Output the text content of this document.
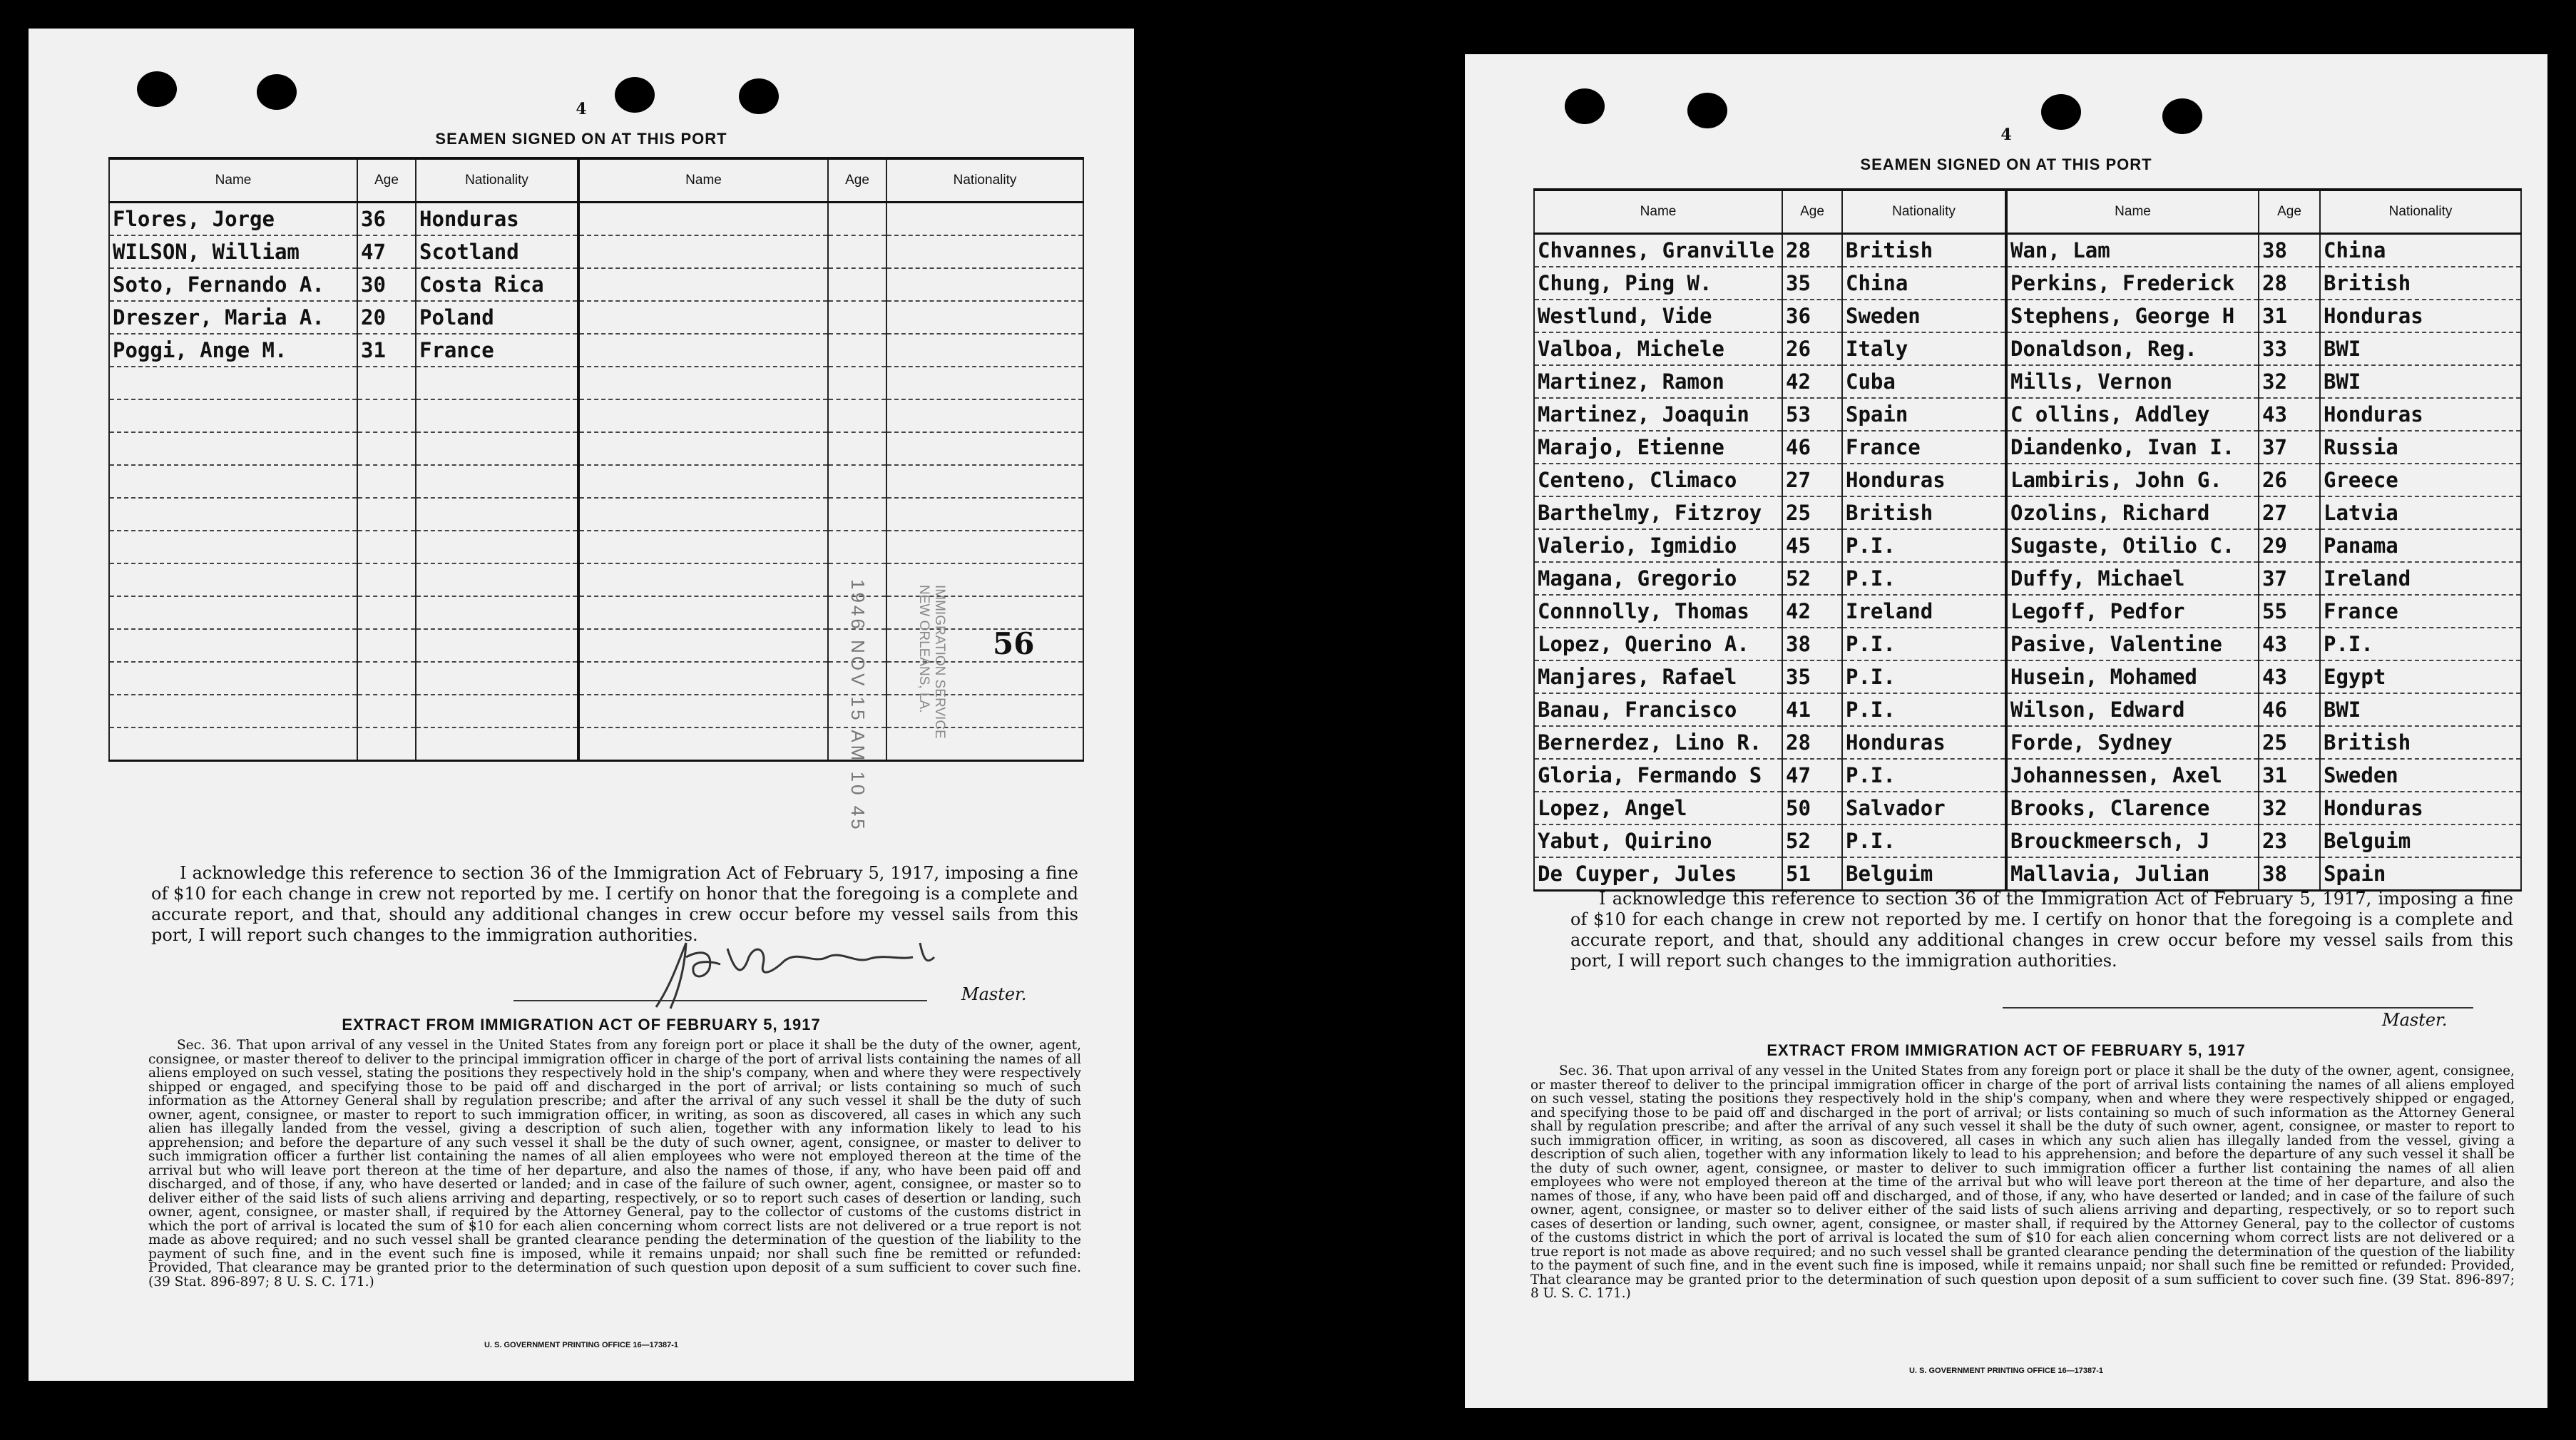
4
SEAMEN SIGNED ON AT THIS PORT
Name	Age	Nationality	Name	Age	Nationality
Flores, Jorge	36	Honduras			
WILSON, William	47	Scotland			
Soto, Fernando A.	30	Costa Rica			
Dreszer, Maria A.	20	Poland			
Poggi, Ange M.	31	France			

1946 NOV 15 AM 10 45	IMMIGRATION SERVICE
NEW ORLEANS, LA.
56
I acknowledge this reference to section 36 of the Immigration Act of February 5, 1917, imposing a fine of $10 for each change in crew not reported by me. I certify on honor that the foregoing is a complete and accurate report, and that, should any additional changes in crew occur before my vessel sails from this port, I will report such changes to the immigration authorities.
Master.
EXTRACT FROM IMMIGRATION ACT OF FEBRUARY 5, 1917
Sec. 36. That upon arrival of any vessel in the United States from any foreign port or place it shall be the duty of the owner, agent, consignee, or master thereof to deliver to the principal immigration officer in charge of the port of arrival lists containing the names of all aliens employed on such vessel, stating the positions they respectively hold in the ship's company, when and where they were respectively shipped or engaged, and specifying those to be paid off and discharged in the port of arrival; or lists containing so much of such information as the Attorney General shall by regulation prescribe; and after the arrival of any such vessel it shall be the duty of such owner, agent, consignee, or master to report to such immigration officer, in writing, as soon as discovered, all cases in which any such alien has illegally landed from the vessel, giving a description of such alien, together with any information likely to lead to his apprehension; and before the departure of any such vessel it shall be the duty of such owner, agent, consignee, or master to deliver to such immigration officer a further list containing the names of all alien employees who were not employed thereon at the time of the arrival but who will leave port thereon at the time of her departure, and also the names of those, if any, who have been paid off and discharged, and of those, if any, who have deserted or landed; and in case of the failure of such owner, agent, consignee, or master so to deliver either of the said lists of such aliens arriving and departing, respectively, or so to report such cases of desertion or landing, such owner, agent, consignee, or master shall, if required by the Attorney General, pay to the collector of customs of the customs district in which the port of arrival is located the sum of $10 for each alien concerning whom correct lists are not delivered or a true report is not made as above required; and no such vessel shall be granted clearance pending the determination of the question of the liability to the payment of such fine, and in the event such fine is imposed, while it remains unpaid; nor shall such fine be remitted or refunded: Provided, That clearance may be granted prior to the determination of such question upon deposit of a sum sufficient to cover such fine. (39 Stat. 896-897; 8 U. S. C. 171.)
U. S. GOVERNMENT PRINTING OFFICE 16—17387-1
4
SEAMEN SIGNED ON AT THIS PORT
Name	Age	Nationality	Name	Age	Nationality
Chvannes, Granville	28	British	Wan, Lam	38	China
Chung, Ping W.	35	China	Perkins, Frederick	28	British
Westlund, Vide	36	Sweden	Stephens, George H	31	Honduras
Valboa, Michele	26	Italy	Donaldson, Reg.	33	BWI
Martinez, Ramon	42	Cuba	Mills, Vernon	32	BWI
Martinez, Joaquin	53	Spain	C ollins, Addley	43	Honduras
Marajo, Etienne	46	France	Diandenko, Ivan I.	37	Russia
Centeno, Climaco	27	Honduras	Lambiris, John G.	26	Greece
Barthelmy, Fitzroy	25	British	Ozolins, Richard	27	Latvia
Valerio, Igmidio	45	P.I.	Sugaste, Otilio C.	29	Panama
Magana, Gregorio	52	P.I.	Duffy, Michael	37	Ireland
Connnolly, Thomas	42	Ireland	Legoff, Pedfor	55	France
Lopez, Querino A.	38	P.I.	Pasive, Valentine	43	P.I.
Manjares, Rafael	35	P.I.	Husein, Mohamed	43	Egypt
Banau, Francisco	41	P.I.	Wilson, Edward	46	BWI
Bernerdez, Lino R.	28	Honduras	Forde, Sydney	25	British
Gloria, Fermando S	47	P.I.	Johannessen, Axel	31	Sweden
Lopez, Angel	50	Salvador	Brooks, Clarence	32	Honduras
Yabut, Quirino	52	P.I.	Brouckmeersch, J	23	Belguim
De Cuyper, Jules	51	Belguim	Mallavia, Julian	38	Spain
I acknowledge this reference to section 36 of the Immigration Act of February 5, 1917, imposing a fine of $10 for each change in crew not reported by me. I certify on honor that the foregoing is a complete and accurate report, and that, should any additional changes in crew occur before my vessel sails from this port, I will report such changes to the immigration authorities.
Master.
EXTRACT FROM IMMIGRATION ACT OF FEBRUARY 5, 1917
Sec. 36. That upon arrival of any vessel in the United States from any foreign port or place it shall be the duty of the owner, agent, consignee, or master thereof to deliver to the principal immigration officer in charge of the port of arrival lists containing the names of all aliens employed on such vessel, stating the positions they respectively hold in the ship's company, when and where they were respectively shipped or engaged, and specifying those to be paid off and discharged in the port of arrival; or lists containing so much of such information as the Attorney General shall by regulation prescribe; and after the arrival of any such vessel it shall be the duty of such owner, agent, consignee, or master to report to such immigration officer, in writing, as soon as discovered, all cases in which any such alien has illegally landed from the vessel, giving a description of such alien, together with any information likely to lead to his apprehension; and before the departure of any such vessel it shall be the duty of such owner, agent, consignee, or master to deliver to such immigration officer a further list containing the names of all alien employees who were not employed thereon at the time of the arrival but who will leave port thereon at the time of her departure, and also the names of those, if any, who have been paid off and discharged, and of those, if any, who have deserted or landed; and in case of the failure of such owner, agent, consignee, or master so to deliver either of the said lists of such aliens arriving and departing, respectively, or so to report such cases of desertion or landing, such owner, agent, consignee, or master shall, if required by the Attorney General, pay to the collector of customs of the customs district in which the port of arrival is located the sum of $10 for each alien concerning whom correct lists are not delivered or a true report is not made as above required; and no such vessel shall be granted clearance pending the determination of the question of the liability to the payment of such fine, and in the event such fine is imposed, while it remains unpaid; nor shall such fine be remitted or refunded: Provided, That clearance may be granted prior to the determination of such question upon deposit of a sum sufficient to cover such fine. (39 Stat. 896-897; 8 U. S. C. 171.)
U. S. GOVERNMENT PRINTING OFFICE 16—17387-1
